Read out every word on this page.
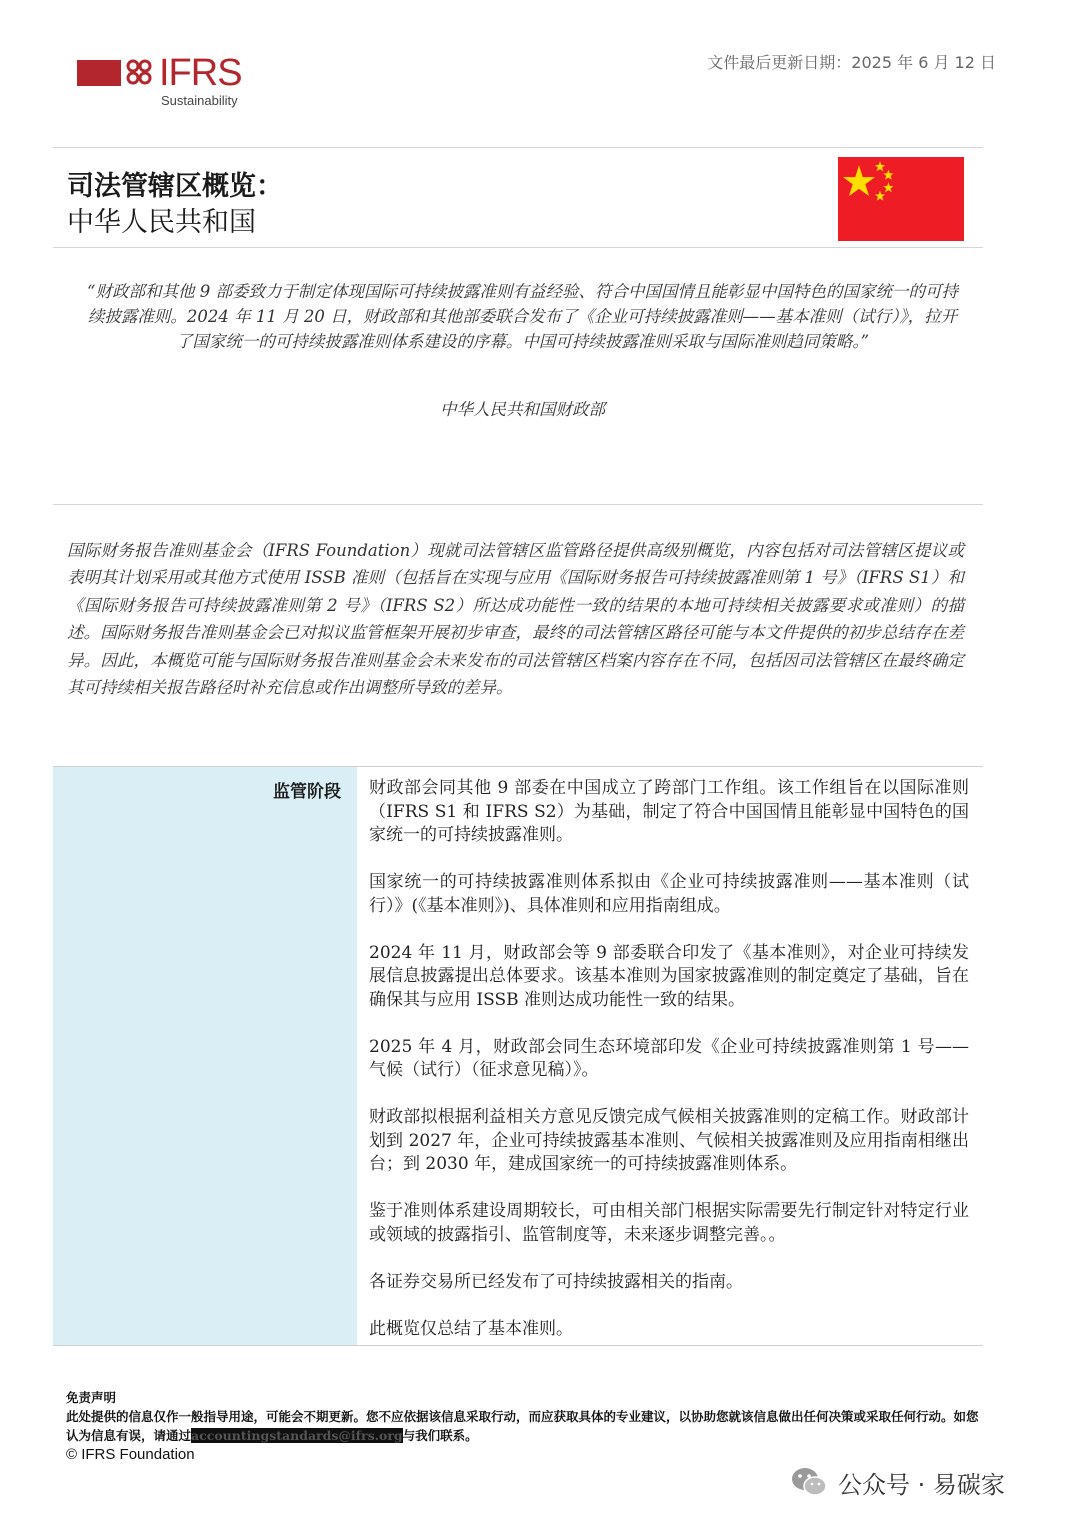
IFRS
Sustainability
文件最后更新日期：2025 年 6 月 12 日
司法管辖区概览：
中华人民共和国
“财政部和其他 9 部委致力于制定体现国际可持续披露准则有益经验、符合中国国情且能彰显中国特色的国家统一的可持续披露准则。2024 年 11 月 20 日，财政部和其他部委联合发布了《企业可持续披露准则——基本准则（试行）》，拉开了国家统一的可持续披露准则体系建设的序幕。中国可持续披露准则采取与国际准则趋同策略。”
中华人民共和国财政部
国际财务报告准则基金会（IFRS Foundation）现就司法管辖区监管路径提供高级别概览，内容包括对司法管辖区提议或表明其计划采用或其他方式使用 ISSB 准则（包括旨在实现与应用《国际财务报告可持续披露准则第 1 号》（IFRS S1）和《国际财务报告可持续披露准则第 2 号》（IFRS S2）所达成功能性一致的结果的本地可持续相关披露要求或准则）的描述。国际财务报告准则基金会已对拟议监管框架开展初步审查，最终的司法管辖区路径可能与本文件提供的初步总结存在差异。因此，本概览可能与国际财务报告准则基金会未来发布的司法管辖区档案内容存在不同，包括因司法管辖区在最终确定其可持续相关报告路径时补充信息或作出调整所导致的差异。
监管阶段 财政部会同其他 9 部委在中国成立了跨部门工作组。该工作组旨在以国际准则（IFRS S1 和 IFRS S2）为基础，制定了符合中国国情且能彰显中国特色的国家统一的可持续披露准则。

国家统一的可持续披露准则体系拟由《企业可持续披露准则——基本准则（试行）》(《基本准则》)、具体准则和应用指南组成。

2024 年 11 月，财政部会等 9 部委联合印发了《基本准则》，对企业可持续发展信息披露提出总体要求。该基本准则为国家披露准则的制定奠定了基础，旨在确保其与应用 ISSB 准则达成功能性一致的结果。

2025 年 4 月，财政部会同生态环境部印发《企业可持续披露准则第 1 号——气候（试行）（征求意见稿）》。

财政部拟根据利益相关方意见反馈完成气候相关披露准则的定稿工作。财政部计划到 2027 年，企业可持续披露基本准则、气候相关披露准则及应用指南相继出台；到 2030 年，建成国家统一的可持续披露准则体系。

鉴于准则体系建设周期较长，可由相关部门根据实际需要先行制定针对特定行业或领域的披露指引、监管制度等，未来逐步调整完善。。

各证券交易所已经发布了可持续披露相关的指南。

此概览仅总结了基本准则。

免责声明
此处提供的信息仅作一般指导用途，可能会不期更新。您不应依据该信息采取行动，而应获取具体的专业建议，以协助您就该信息做出任何决策或采取任何行动。如您认为信息有误，请通过accountingstandards@ifrs.org与我们联系。
© IFRS Foundation
公众号 · 易碳家
